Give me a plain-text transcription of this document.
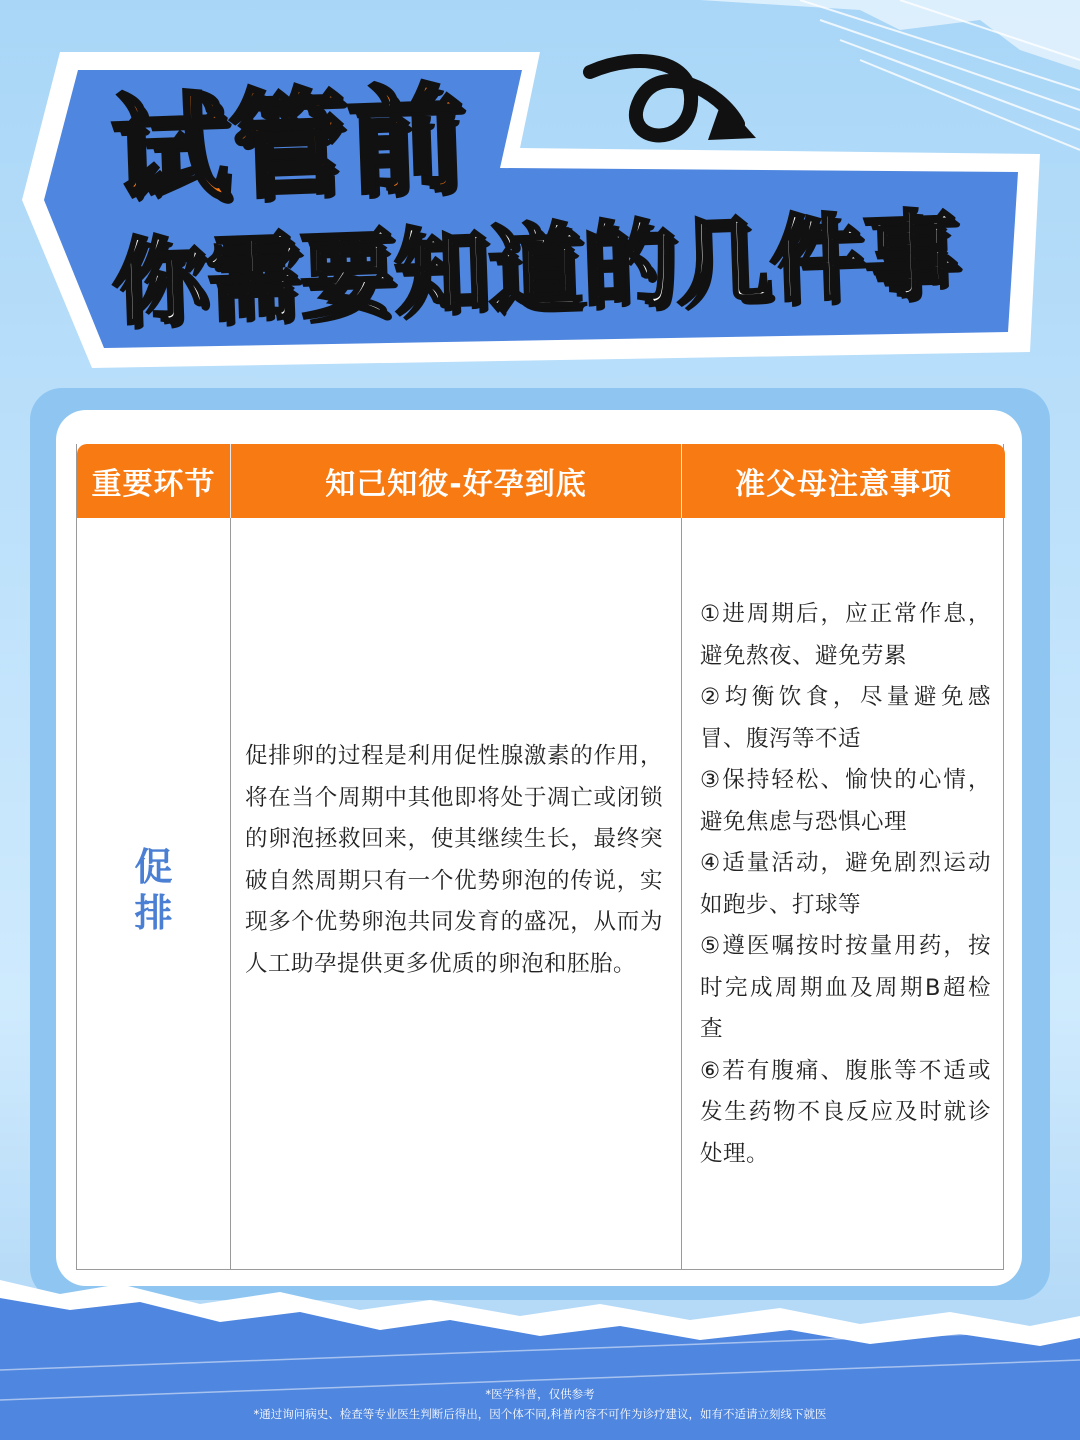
试管前
你需要知道的几件事
重要环节	知己知彼-好孕到底	准父母注意事项
促
排

促排卵的过程是利用促性腺激素的作用，将在当个周期中其他即将处于凋亡或闭锁的卵泡拯救回来，使其继续生长，最终突破自然周期只有一个优势卵泡的传说，实现多个优势卵泡共同发育的盛况，从而为人工助孕提供更多优质的卵泡和胚胎。

①进周期后，应正常作息，避免熬夜、避免劳累
②均衡饮食，尽量避免感冒、腹泻等不适
③保持轻松、愉快的心情，避免焦虑与恐惧心理
④适量活动，避免剧烈运动如跑步、打球等
⑤遵医嘱按时按量用药，按时完成周期血及周期B超检查
⑥若有腹痛、腹胀等不适或发生药物不良反应及时就诊处理。
*医学科普，仅供参考
*通过询问病史、检查等专业医生判断后得出，因个体不同,科普内容不可作为诊疗建议，如有不适请立刻线下就医
